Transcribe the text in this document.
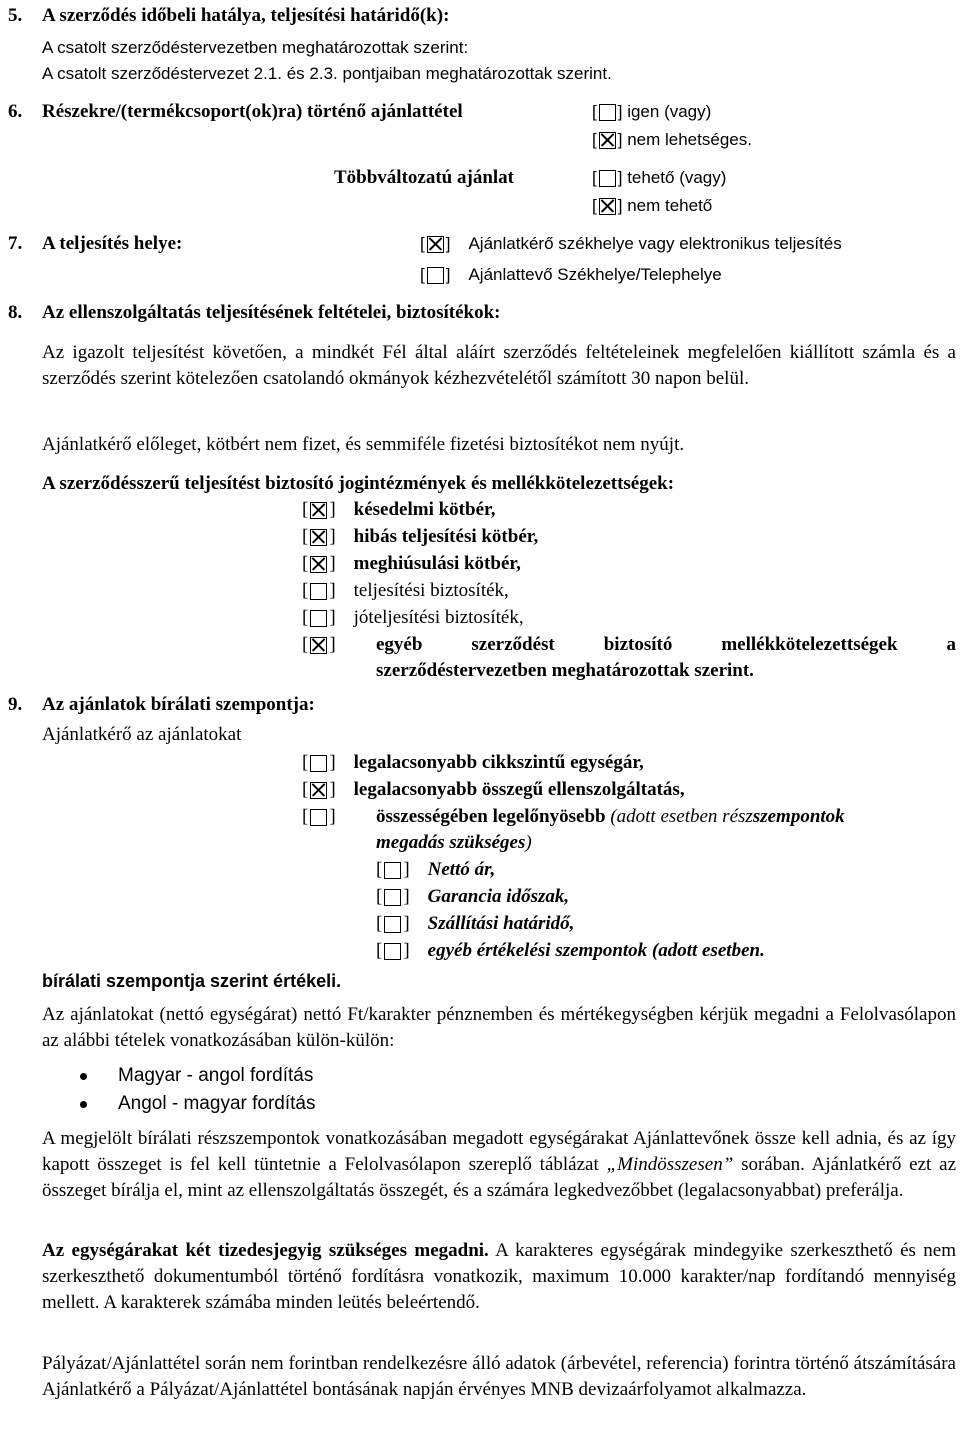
5. A szerződés időbeli hatálya, teljesítési határidő(k):
A csatolt szerződéstervezetben meghatározottak szerint:
A csatolt szerződéstervezet 2.1. és 2.3. pontjaiban meghatározottak szerint.
6. Részekre/(termékcsoport(ok)ra) történő ajánlattétel	[ ]
igen (vagy)
[ ]
nem lehetséges.
Többváltozatú ajánlat	[ ]
tehető (vagy)
[ ]
nem tehető
7. A teljesítés helye:	[ ] Ajánlatkérő székhelye vagy elektronikus teljesítés
[ ] Ajánlattevő Székhelye/Telephelye
8. Az ellenszolgáltatás teljesítésének feltételei, biztosítékok:
Az igazolt teljesítést követően, a mindkét Fél által aláírt szerződés feltételeinek megfelelően kiállított számla és a szerződés szerint kötelezően csatolandó okmányok kézhezvételétől számított 30 napon belül.
Ajánlatkérő előleget, kötbért nem fizet, és semmiféle fizetési biztosítékot nem nyújt.
A szerződésszerű teljesítést biztosító jogintézmények és mellékkötelezettségek:
[ ] késedelmi kötbér,
[ ] hibás teljesítési kötbér,
[ ] meghiúsulási kötbér,
[ ] teljesítési biztosíték,
[ ] jóteljesítési biztosíték,
[ ] egyéb szerződést biztosító mellékkötelezettségek a
szerződéstervezetben meghatározottak szerint.
9. Az ajánlatok bírálati szempontja:
Ajánlatkérő az ajánlatokat
[ ] legalacsonyabb cikkszintű egységár,
[ ] legalacsonyabb összegű ellenszolgáltatás,
[ ] összességében legelőnyösebb (adott esetben részszempontok
megadás szükséges)
[ ] Nettó ár,
[ ] Garancia időszak,
[ ] Szállítási határidő,
[ ] egyéb értékelési szempontok (adott esetben.
bírálati szempontja szerint értékeli.
Az ajánlatokat (nettó egységárat) nettó Ft/karakter pénznemben és mértékegységben kérjük megadni a Felolvasólapon az alábbi tételek vonatkozásában külön-külön:
Magyar - angol fordítás
Angol - magyar fordítás
A megjelölt bírálati részszempontok vonatkozásában megadott egységárakat Ajánlattevőnek össze kell adnia, és az így kapott összeget is fel kell tüntetnie a Felolvasólapon szereplő táblázat „Mindösszesen” sorában. Ajánlatkérő ezt az összeget bírálja el, mint az ellenszolgáltatás összegét, és a számára legkedvezőbbet (legalacsonyabbat) preferálja.
Az egységárakat két tizedesjegyig szükséges megadni. A karakteres egységárak mindegyike szerkeszthető és nem szerkeszthető dokumentumból történő fordításra vonatkozik, maximum 10.000 karakter/nap fordítandó mennyiség mellett. A karakterek számába minden leütés beleértendő.
Pályázat/Ajánlattétel során nem forintban rendelkezésre álló adatok (árbevétel, referencia) forintra történő átszámítására Ajánlatkérő a Pályázat/Ajánlattétel bontásának napján érvényes MNB devizaárfolyamot alkalmazza.
